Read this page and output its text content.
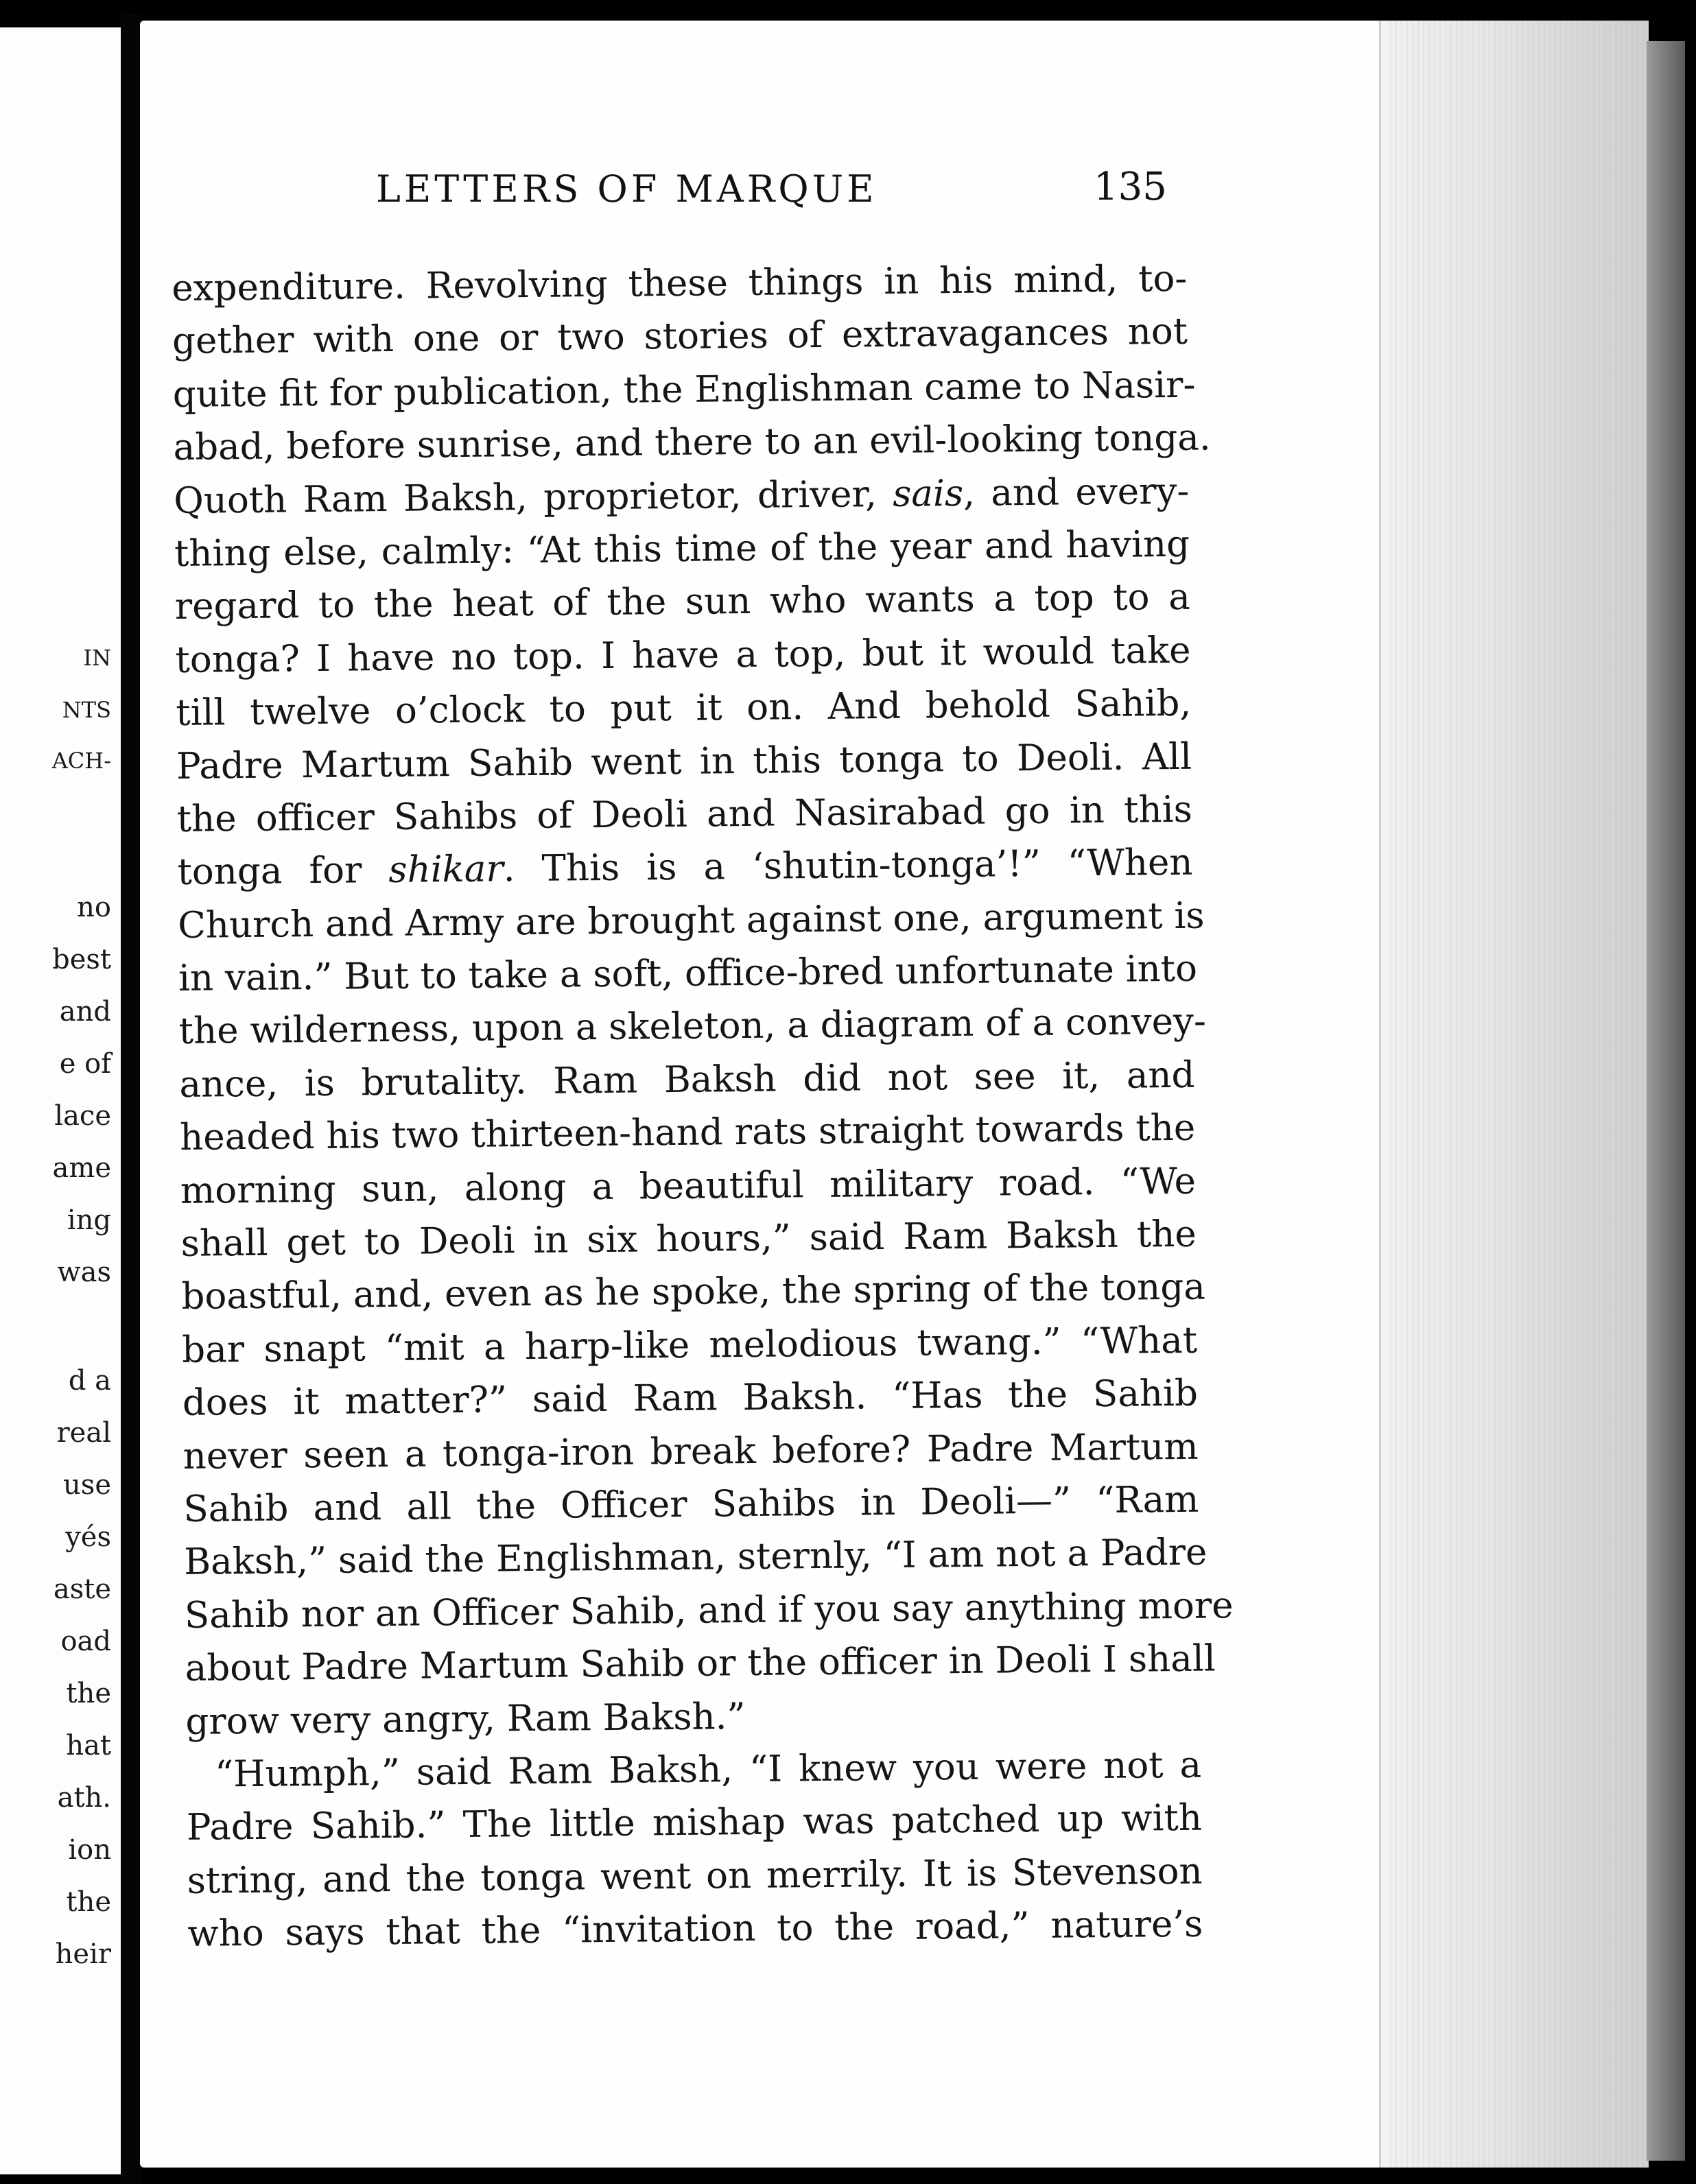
IN
NTS
ACH-
no
best
and
e of
lace
ame
ing
was
d a
real
use
yés
aste
oad
the
hat
ath.
ion
the
heir
LETTERS OF MARQUE	135
expenditure. Revolving these things in his mind, to-
gether with one or two stories of extravagances not
quite fit for publication, the Englishman came to Nasir-
abad, before sunrise, and there to an evil-looking tonga.
Quoth Ram Baksh, proprietor, driver, sais, and every-
thing else, calmly: “At this time of the year and having
regard to the heat of the sun who wants a top to a
tonga? I have no top. I have a top, but it would take
till twelve o’clock to put it on. And behold Sahib,
Padre Martum Sahib went in this tonga to Deoli. All
the officer Sahibs of Deoli and Nasirabad go in this
tonga for shikar. This is a ‘shutin-tonga’!” “When
Church and Army are brought against one, argument is
in vain.” But to take a soft, office-bred unfortunate into
the wilderness, upon a skeleton, a diagram of a convey-
ance, is brutality. Ram Baksh did not see it, and
headed his two thirteen-hand rats straight towards the
morning sun, along a beautiful military road. “We
shall get to Deoli in six hours,” said Ram Baksh the
boastful, and, even as he spoke, the spring of the tonga
bar snapt “mit a harp-like melodious twang.” “What
does it matter?” said Ram Baksh. “Has the Sahib
never seen a tonga-iron break before? Padre Martum
Sahib and all the Officer Sahibs in Deoli—” “Ram
Baksh,” said the Englishman, sternly, “I am not a Padre
Sahib nor an Officer Sahib, and if you say anything more
about Padre Martum Sahib or the officer in Deoli I shall
grow very angry, Ram Baksh.”
“Humph,” said Ram Baksh, “I knew you were not a
Padre Sahib.” The little mishap was patched up with
string, and the tonga went on merrily. It is Stevenson
who says that the “invitation to the road,” nature’s
